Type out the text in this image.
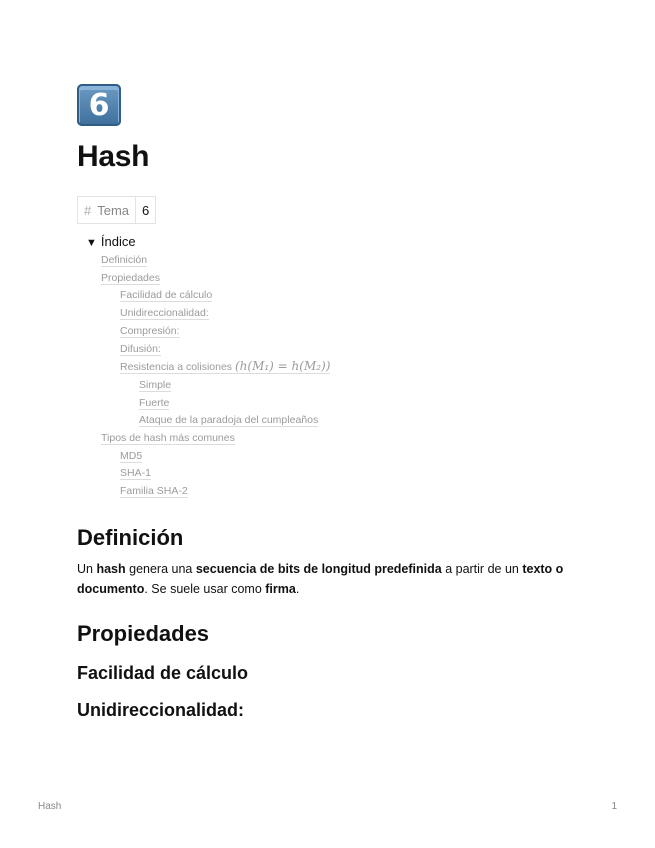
6
Hash
# Tema	6
▼ Índice
Definición
Propiedades
Facilidad de cálculo
Unidireccionalidad:
Compresión:
Difusión:
Resistencia a colisiones (h(M₁) = h(M₂))
Simple
Fuerte
Ataque de la paradoja del cumpleaños
Tipos de hash más comunes
MD5
SHA-1
Familia SHA-2
Definición

Un hash genera una secuencia de bits de longitud predefinida a partir de un texto o documento. Se suele usar como firma.

Propiedades
Facilidad de cálculo
Unidireccionalidad:
Hash	1
